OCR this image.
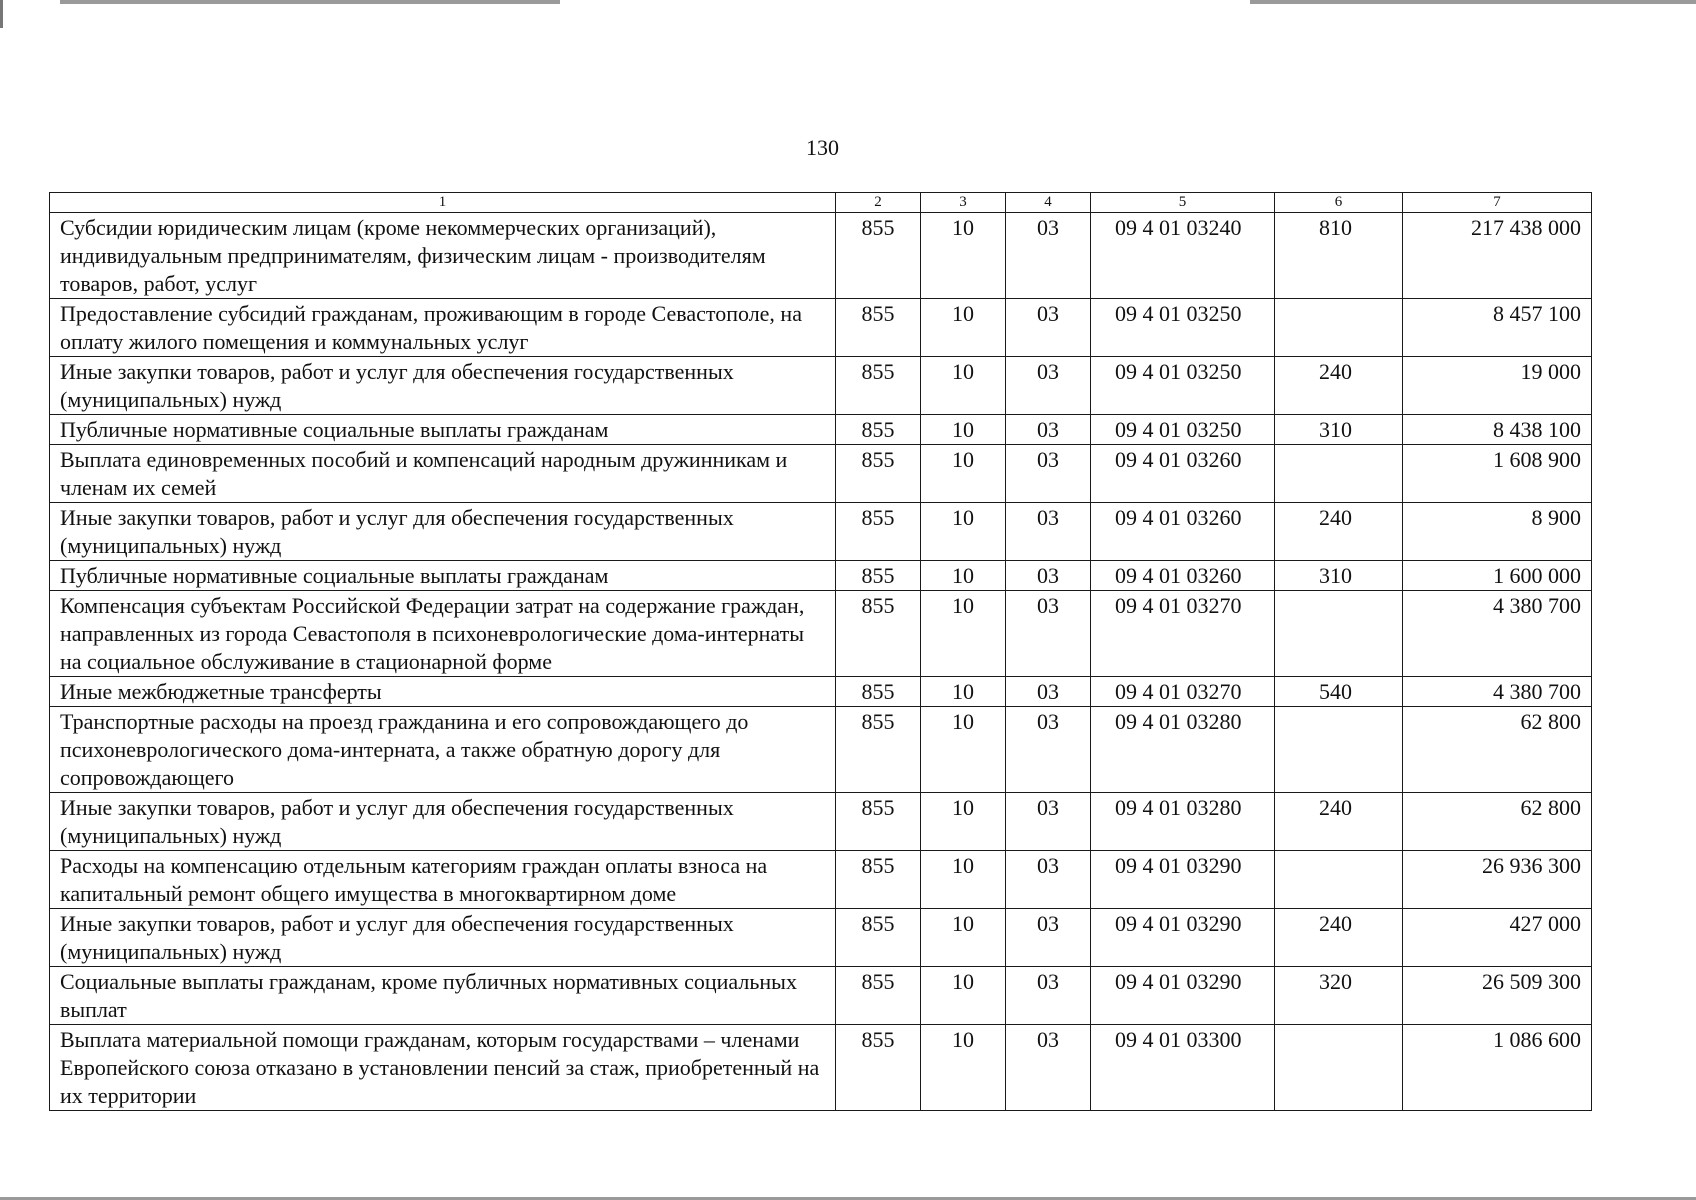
130
1	2	3	4	5	6	7
Субсидии юридическим лицам (кроме некоммерческих организаций), индивидуальным предпринимателям, физическим лицам - производителям товаров, работ, услуг	855	10	03	09 4 01 03240	810	217 438 000
Предоставление субсидий гражданам, проживающим в городе Севастополе, на оплату жилого помещения и коммунальных услуг	855	10	03	09 4 01 03250		8 457 100
Иные закупки товаров, работ и услуг для обеспечения государственных (муниципальных) нужд	855	10	03	09 4 01 03250	240	19 000
Публичные нормативные социальные выплаты гражданам	855	10	03	09 4 01 03250	310	8 438 100
Выплата единовременных пособий и компенсаций народным дружинникам и членам их семей	855	10	03	09 4 01 03260		1 608 900
Иные закупки товаров, работ и услуг для обеспечения государственных (муниципальных) нужд	855	10	03	09 4 01 03260	240	8 900
Публичные нормативные социальные выплаты гражданам	855	10	03	09 4 01 03260	310	1 600 000
Компенсация субъектам Российской Федерации затрат на содержание граждан, направленных из города Севастополя в психоневрологические дома-интернаты на социальное обслуживание в стационарной форме	855	10	03	09 4 01 03270		4 380 700
Иные межбюджетные трансферты	855	10	03	09 4 01 03270	540	4 380 700
Транспортные расходы на проезд гражданина и его сопровождающего до психоневрологического дома-интерната, а также обратную дорогу для сопровождающего	855	10	03	09 4 01 03280		62 800
Иные закупки товаров, работ и услуг для обеспечения государственных (муниципальных) нужд	855	10	03	09 4 01 03280	240	62 800
Расходы на компенсацию отдельным категориям граждан оплаты взноса на капитальный ремонт общего имущества в многоквартирном доме	855	10	03	09 4 01 03290		26 936 300
Иные закупки товаров, работ и услуг для обеспечения государственных (муниципальных) нужд	855	10	03	09 4 01 03290	240	427 000
Социальные выплаты гражданам, кроме публичных нормативных социальных выплат	855	10	03	09 4 01 03290	320	26 509 300
Выплата материальной помощи гражданам, которым государствами – членами Европейского союза отказано в установлении пенсий за стаж, приобретенный на их территории	855	10	03	09 4 01 03300		1 086 600
